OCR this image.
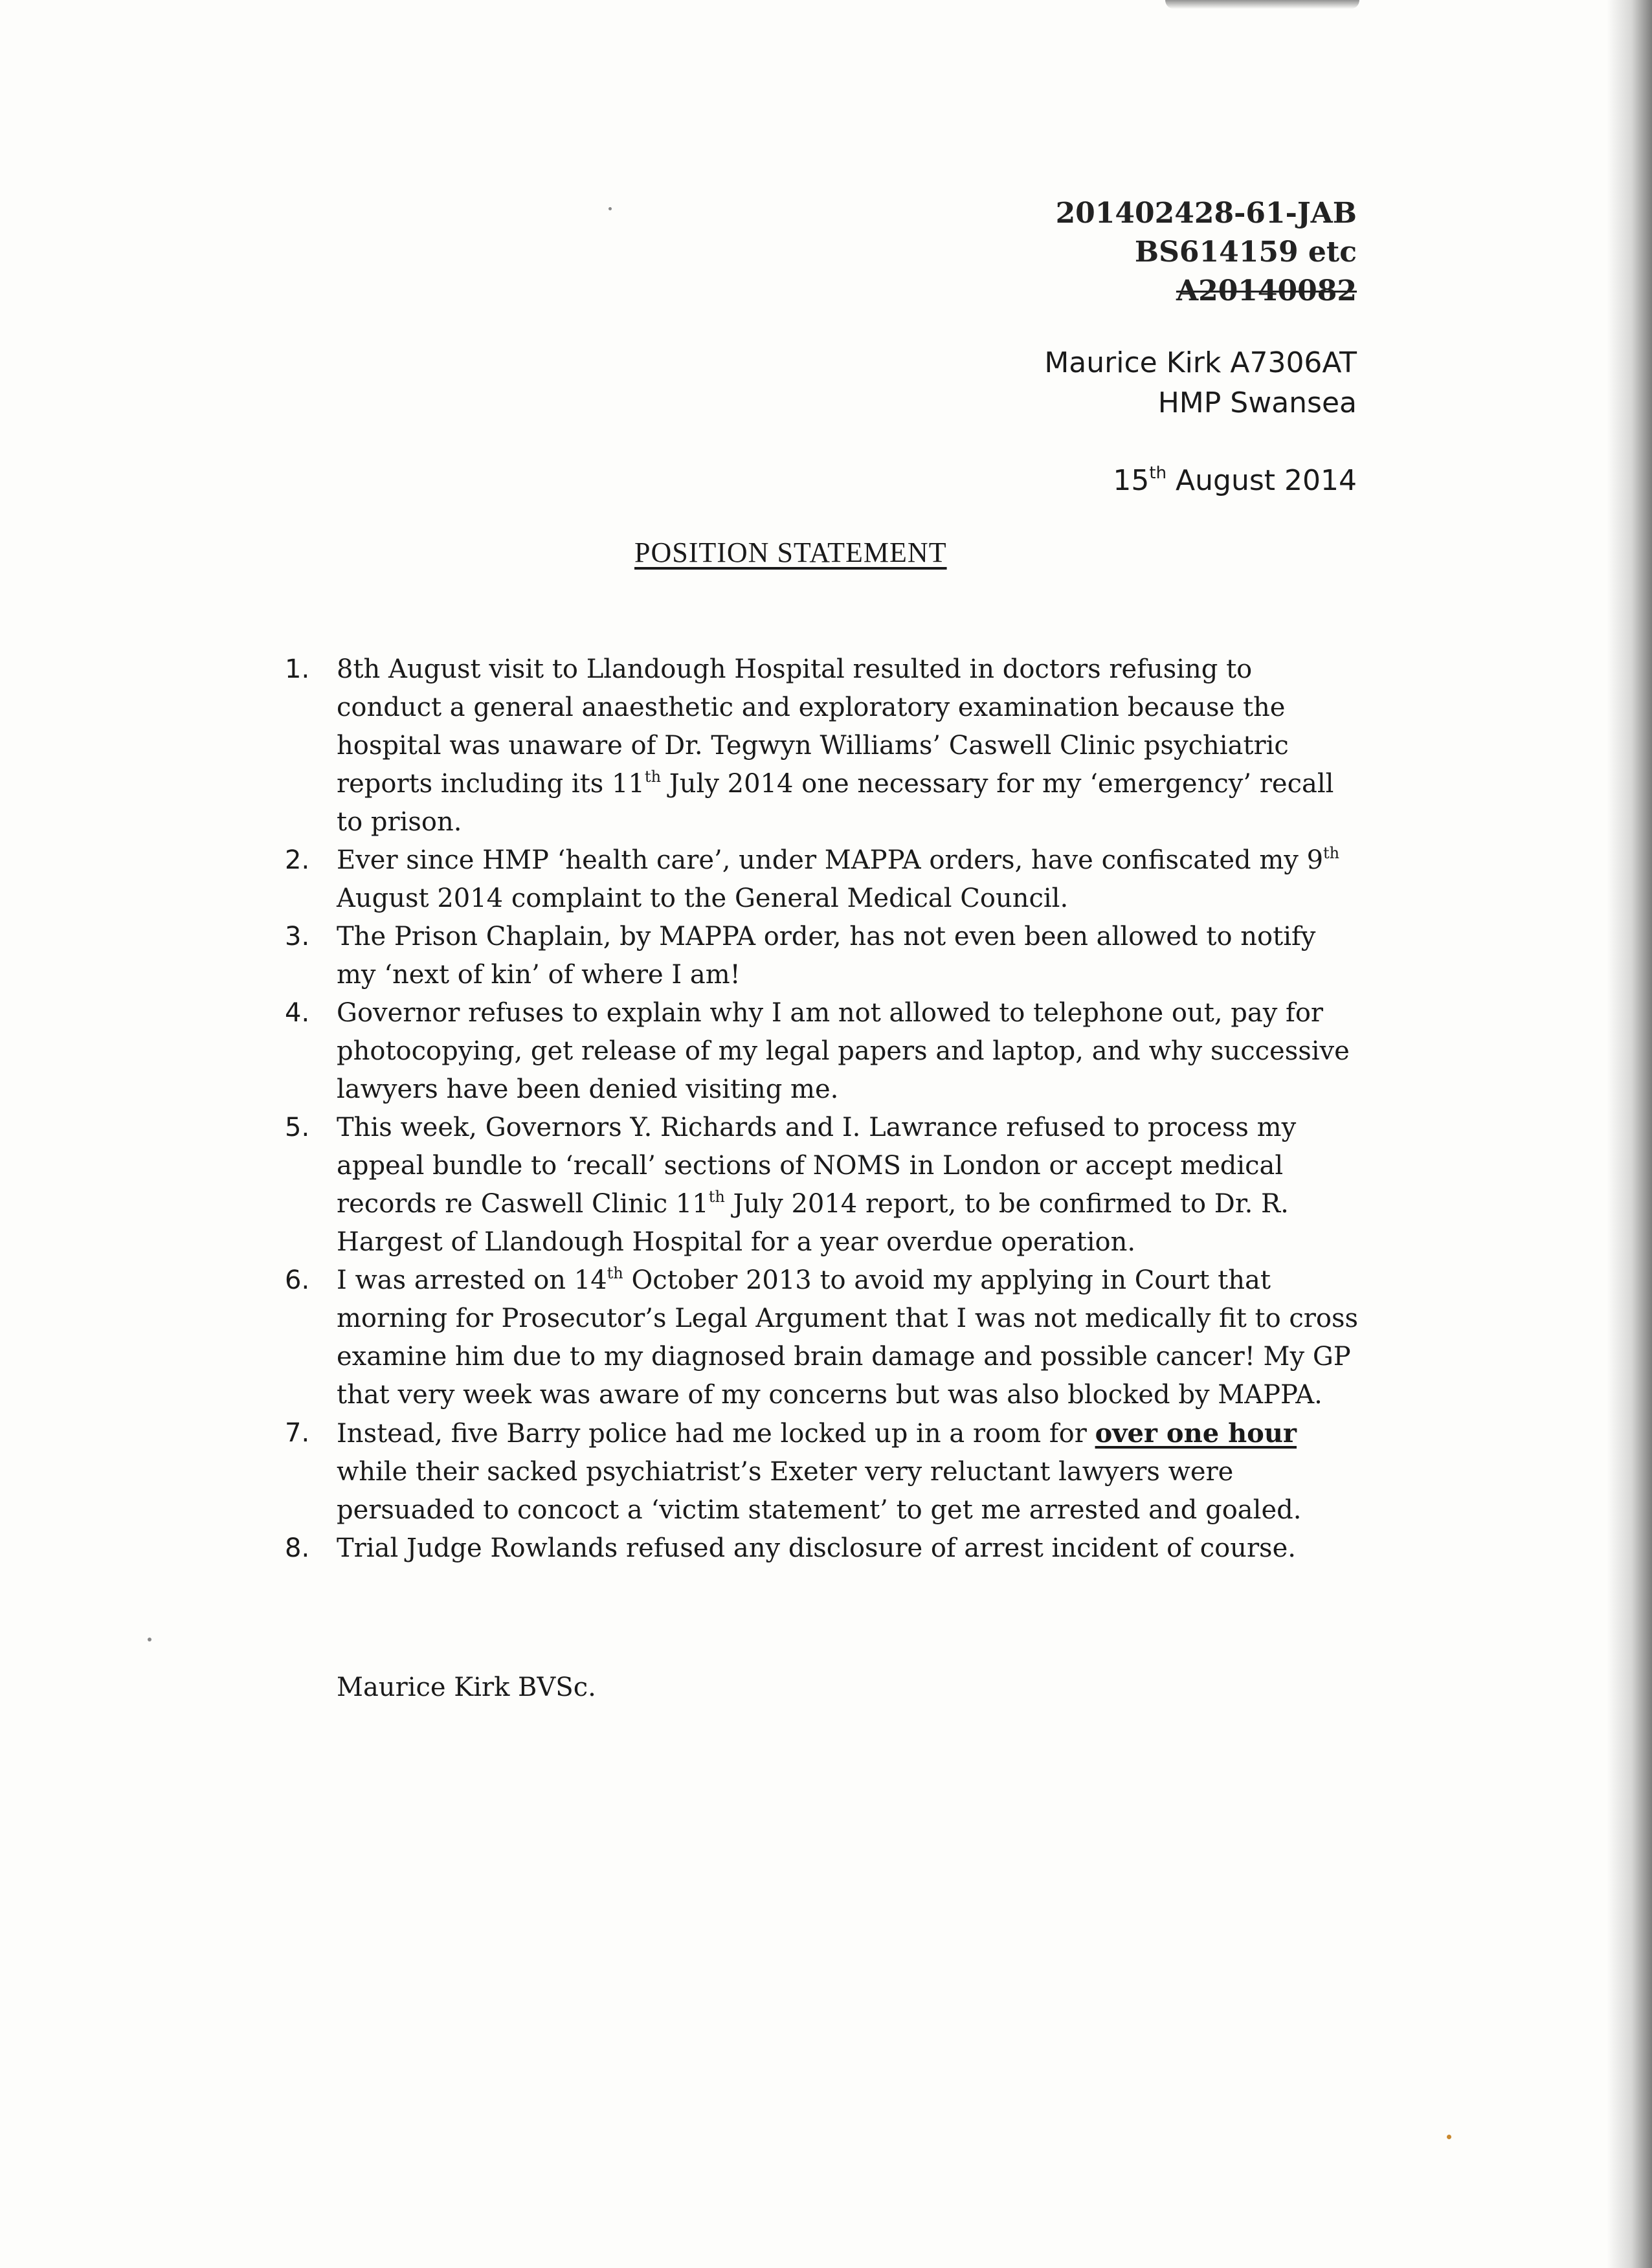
201402428-61-JAB
BS614159 etc
A20140082
Maurice Kirk A7306AT
HMP Swansea
15th August 2014
POSITION STATEMENT
1.	8th August visit to Llandough Hospital resulted in doctors refusing to conduct a general anaesthetic and exploratory examination because the hospital was unaware of Dr. Tegwyn Williams’ Caswell Clinic psychiatric reports including its 11th July 2014 one necessary for my ‘emergency’ recall to prison.
2.	Ever since HMP ‘health care’, under MAPPA orders, have confiscated my 9th August 2014 complaint to the General Medical Council.
3.	The Prison Chaplain, by MAPPA order, has not even been allowed to notify my ‘next of kin’ of where I am!
4.	Governor refuses to explain why I am not allowed to telephone out, pay for photocopying, get release of my legal papers and laptop, and why successive lawyers have been denied visiting me.
5.	This week, Governors Y. Richards and I. Lawrance refused to process my appeal bundle to ‘recall’ sections of NOMS in London or accept medical records re Caswell Clinic 11th July 2014 report, to be confirmed to Dr. R. Hargest of Llandough Hospital for a year overdue operation.
6.	I was arrested on 14th October 2013 to avoid my applying in Court that morning for Prosecutor’s Legal Argument that I was not medically fit to cross examine him due to my diagnosed brain damage and possible cancer! My GP that very week was aware of my concerns but was also blocked by MAPPA.
7.	Instead, five Barry police had me locked up in a room for over one hour while their sacked psychiatrist’s Exeter very reluctant lawyers were persuaded to concoct a ‘victim statement’ to get me arrested and goaled.
8.	Trial Judge Rowlands refused any disclosure of arrest incident of course.
Maurice Kirk BVSc.
